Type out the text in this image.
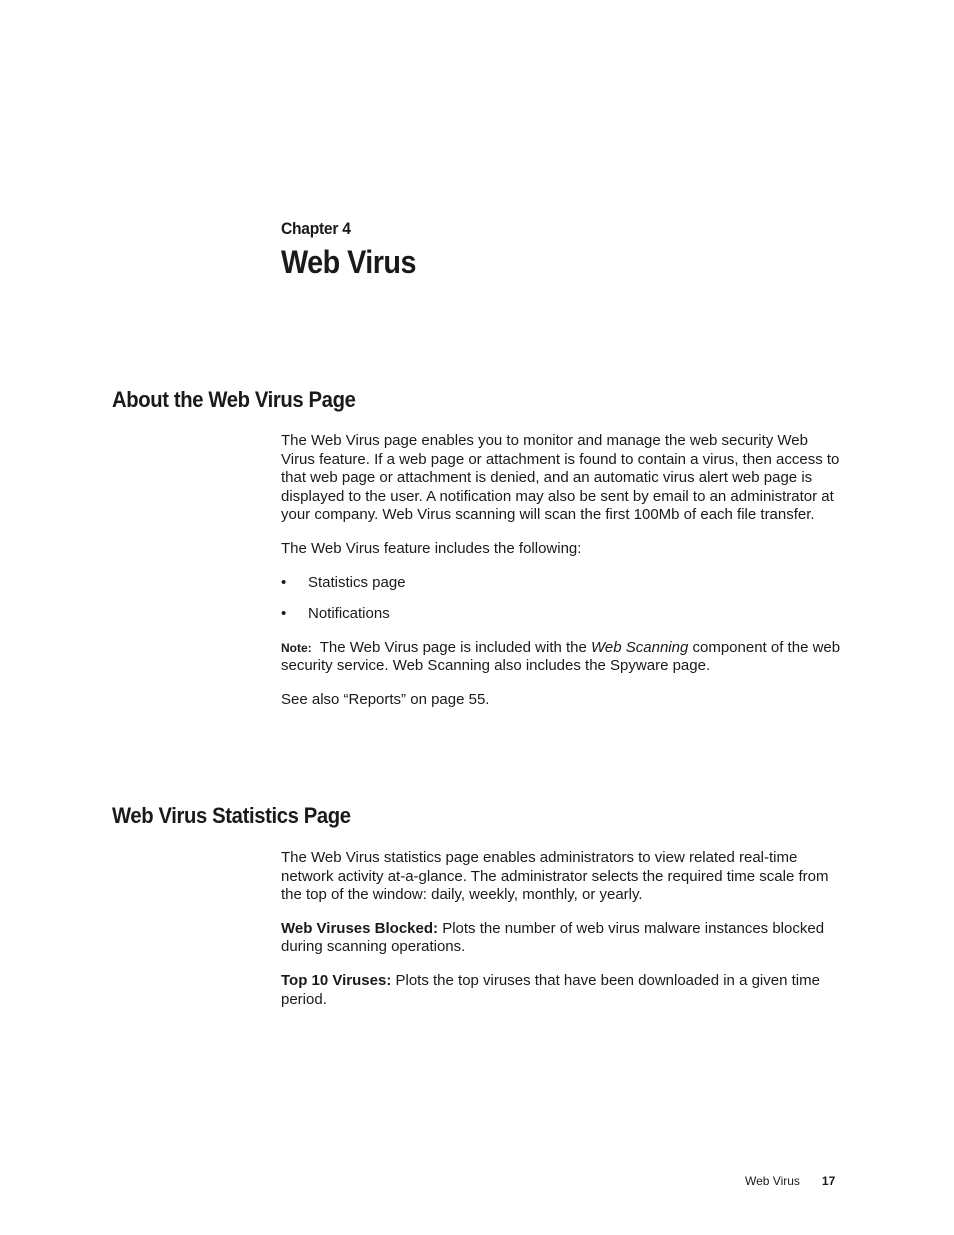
Chapter 4
Web Virus
About the Web Virus Page

The Web Virus page enables you to monitor and manage the web security Web Virus feature. If a web page or attachment is found to contain a virus, then access to that web page or attachment is denied, and an automatic virus alert web page is displayed to the user. A notification may also be sent by email to an administrator at your company. Web Virus scanning will scan the first 100Mb of each file transfer.

The Web Virus feature includes the following:

• Statistics page
• Notifications

Note: The Web Virus page is included with the Web Scanning component of the web security service. Web Scanning also includes the Spyware page.

See also “Reports” on page 55.

Web Virus Statistics Page

The Web Virus statistics page enables administrators to view related real-time network activity at-a-glance. The administrator selects the required time scale from the top of the window: daily, weekly, monthly, or yearly.

Web Viruses Blocked: Plots the number of web virus malware instances blocked during scanning operations.

Top 10 Viruses: Plots the top viruses that have been downloaded in a given time period.

Web Virus 17
